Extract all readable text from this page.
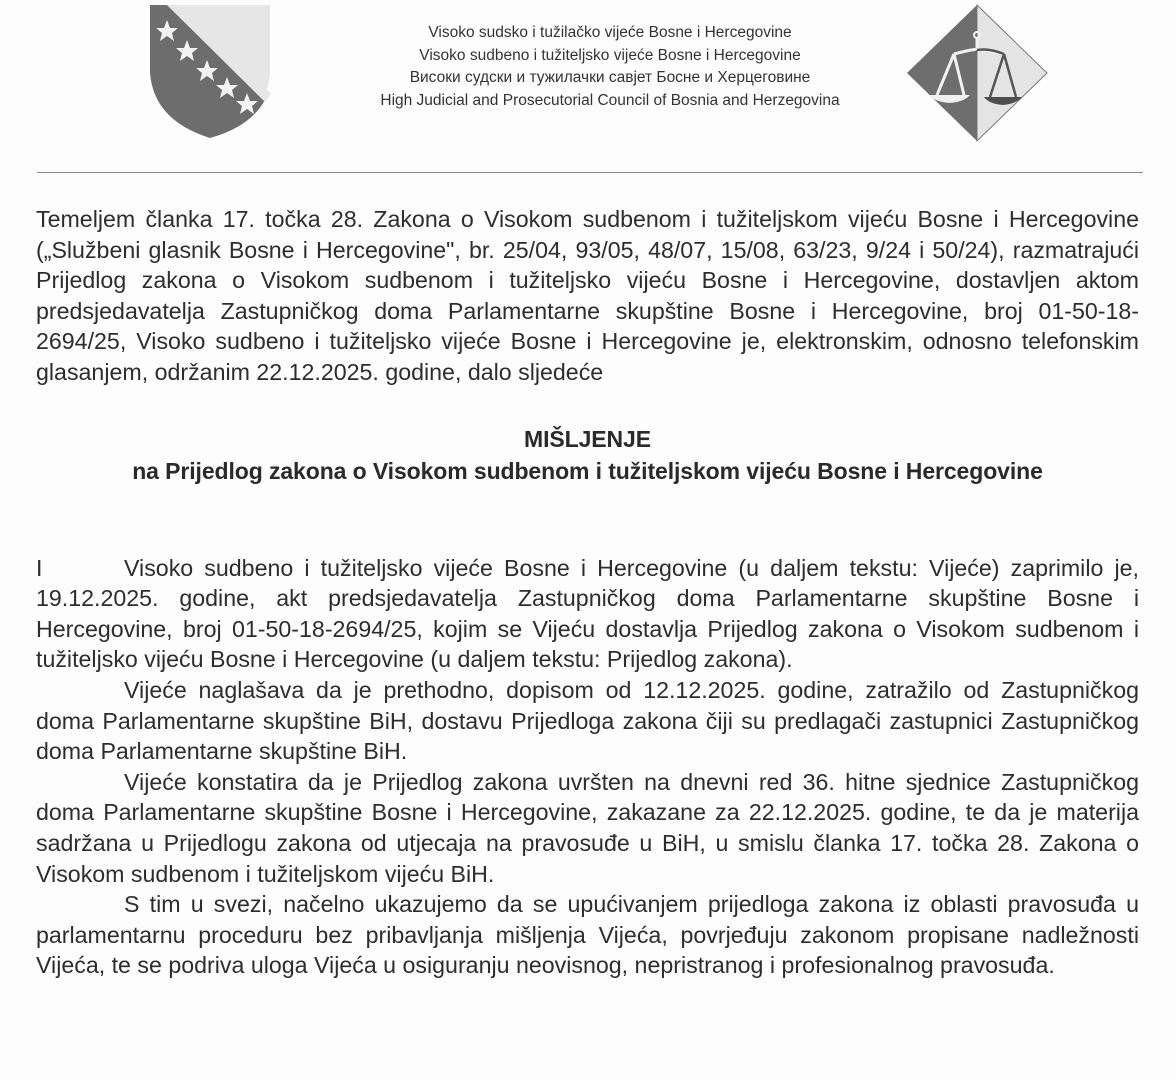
Visoko sudsko i tužilačko vijeće Bosne i Hercegovine
Visoko sudbeno i tužiteljsko vijeće Bosne i Hercegovine
Високи судски и тужилачки савјет Босне и Херцеговине
High Judicial and Prosecutorial Council of Bosnia and Herzegovina

Temeljem članka 17. točka 28. Zakona o Visokom sudbenom i tužiteljskom vijeću Bosne i Hercegovine („Službeni glasnik Bosne i Hercegovine", br. 25/04, 93/05, 48/07, 15/08, 63/23, 9/24 i 50/24), razmatrajući Prijedlog zakona o Visokom sudbenom i tužiteljsko vijeću Bosne i Hercegovine, dostavljen aktom predsjedavatelja Zastupničkog doma Parlamentarne skupštine Bosne i Hercegovine, broj 01-50-18-2694/25, Visoko sudbeno i tužiteljsko vijeće Bosne i Hercegovine je, elektronskim, odnosno telefonskim glasanjem, održanim 22.12.2025. godine, dalo sljedeće

MIŠLJENJE
na Prijedlog zakona o Visokom sudbenom i tužiteljskom vijeću Bosne i Hercegovine
I	Visoko sudbeno i tužiteljsko vijeće Bosne i Hercegovine (u daljem tekstu: Vijeće) zaprimilo je, 19.12.2025. godine, akt predsjedavatelja Zastupničkog doma Parlamentarne skupštine Bosne i Hercegovine, broj 01-50-18-2694/25, kojim se Vijeću dostavlja Prijedlog zakona o Visokom sudbenom i tužiteljsko vijeću Bosne i Hercegovine (u daljem tekstu: Prijedlog zakona).

Vijeće naglašava da je prethodno, dopisom od 12.12.2025. godine, zatražilo od Zastupničkog doma Parlamentarne skupštine BiH, dostavu Prijedloga zakona čiji su predlagači zastupnici Zastupničkog doma Parlamentarne skupštine BiH.

Vijeće konstatira da je Prijedlog zakona uvršten na dnevni red 36. hitne sjednice Zastupničkog doma Parlamentarne skupštine Bosne i Hercegovine, zakazane za 22.12.2025. godine, te da je materija sadržana u Prijedlogu zakona od utjecaja na pravosuđe u BiH, u smislu članka 17. točka 28. Zakona o Visokom sudbenom i tužiteljskom vijeću BiH.

S tim u svezi, načelno ukazujemo da se upućivanjem prijedloga zakona iz oblasti pravosuđa u parlamentarnu proceduru bez pribavljanja mišljenja Vijeća, povrjeđuju zakonom propisane nadležnosti Vijeća, te se podriva uloga Vijeća u osiguranju neovisnog, nepristranog i profesionalnog pravosuđa.
